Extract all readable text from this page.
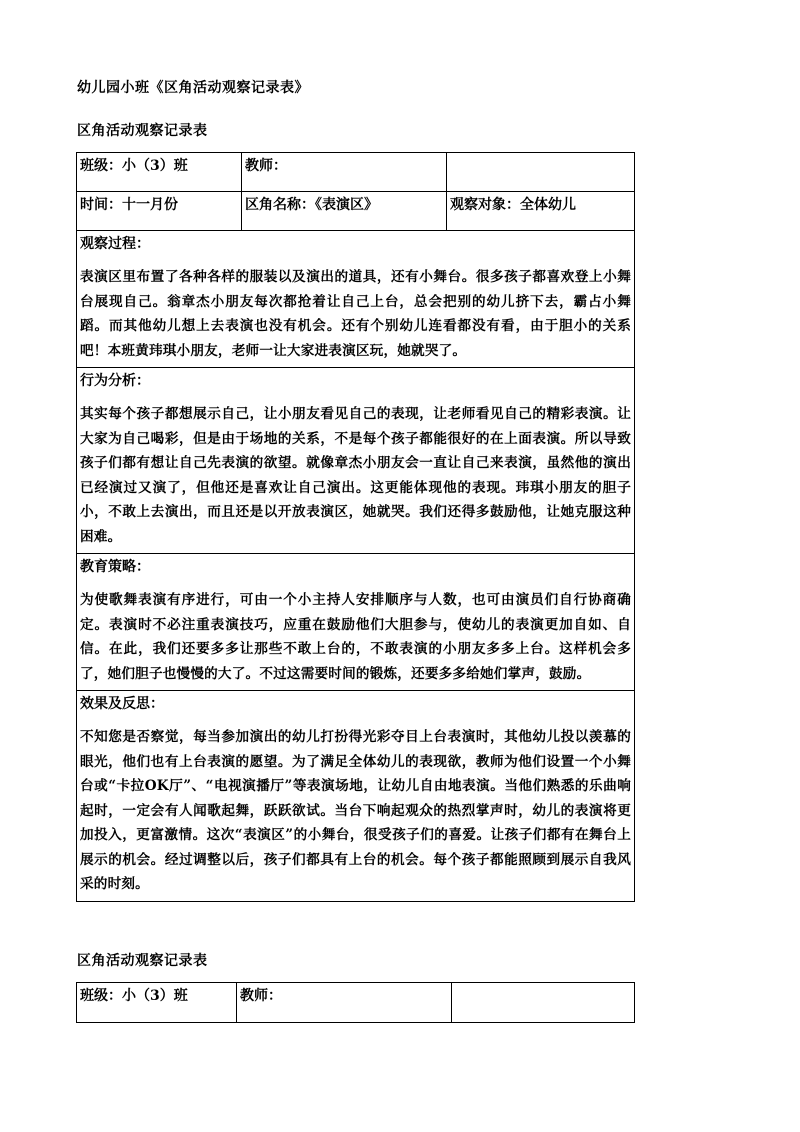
幼儿园小班《区角活动观察记录表》
区角活动观察记录表
班级：小（3）班	教师：	
时间：十一月份	区角名称：《表演区》	观察对象：全体幼儿

观察过程：
表演区里布置了各种各样的服装以及演出的道具，还有小舞台。很多孩子都喜欢登上小舞台展现自己。翁章杰小朋友每次都抢着让自己上台，总会把别的幼儿挤下去，霸占小舞蹈。而其他幼儿想上去表演也没有机会。还有个别幼儿连看都没有看，由于胆小的关系吧！本班黄玮琪小朋友，老师一让大家进表演区玩，她就哭了。		

行为分析：
其实每个孩子都想展示自己，让小朋友看见自己的表现，让老师看见自己的精彩表演。让大家为自己喝彩，但是由于场地的关系，不是每个孩子都能很好的在上面表演。所以导致孩子们都有想让自己先表演的欲望。就像章杰小朋友会一直让自己来表演，虽然他的演出已经演过又演了，但他还是喜欢让自己演出。这更能体现他的表现。玮琪小朋友的胆子小，不敢上去演出，而且还是以开放表演区，她就哭。我们还得多鼓励他，让她克服这种困难。		

教育策略：
为使歌舞表演有序进行，可由一个小主持人安排顺序与人数，也可由演员们自行协商确定。表演时不必注重表演技巧，应重在鼓励他们大胆参与，使幼儿的表演更加自如、自信。在此，我们还要多多让那些不敢上台的，不敢表演的小朋友多多上台。这样机会多了，她们胆子也慢慢的大了。不过这需要时间的锻炼，还要多多给她们掌声，鼓励。		

效果及反思：
不知您是否察觉，每当参加演出的幼儿打扮得光彩夺目上台表演时，其他幼儿投以羡慕的眼光，他们也有上台表演的愿望。为了满足全体幼儿的表现欲，教师为他们设置一个小舞台或“卡拉OK厅”、“电视演播厅”等表演场地，让幼儿自由地表演。当他们熟悉的乐曲响起时，一定会有人闻歌起舞，跃跃欲试。当台下响起观众的热烈掌声时，幼儿的表演将更加投入，更富激情。这次“表演区”的小舞台，很受孩子们的喜爱。让孩子们都有在舞台上展示的机会。经过调整以后，孩子们都具有上台的机会。每个孩子都能照顾到展示自我风采的时刻。		
区角活动观察记录表
班级：小（3）班	教师：	
